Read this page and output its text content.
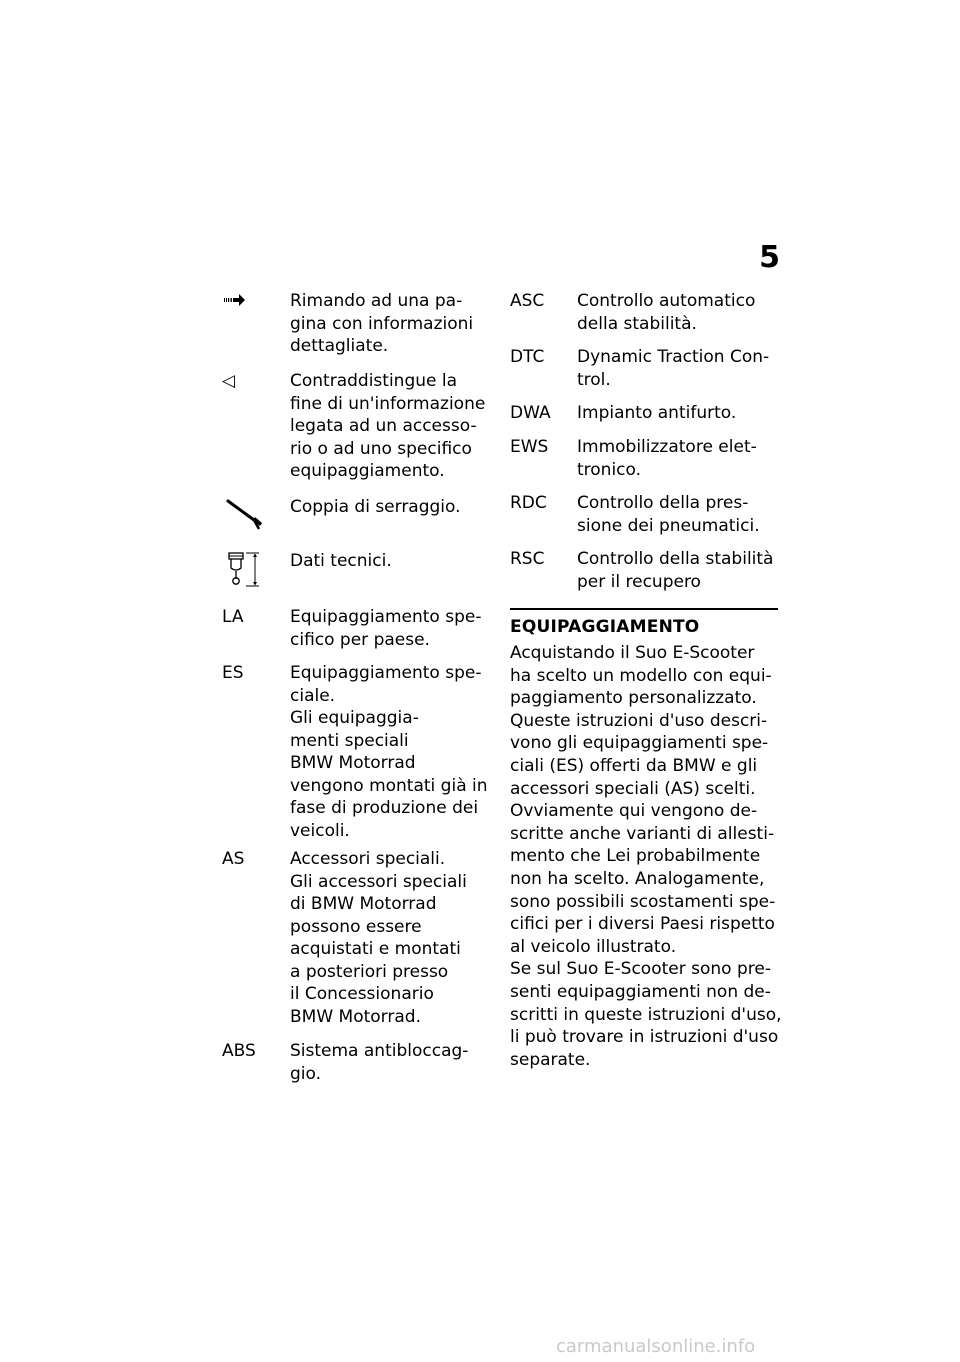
5
Rimando ad una pa-
gina con informazioni
dettagliate.
◁	Contraddistingue la
fine di un'informazione
legata ad un accesso-
rio o ad uno specifico
equipaggiamento.
Coppia di serraggio.
Dati tecnici.
LA	Equipaggiamento spe-
cifico per paese.
ES	Equipaggiamento spe-
ciale.
Gli equipaggia-
menti speciali
BMW Motorrad
vengono montati già in
fase di produzione dei
veicoli.
AS	Accessori speciali.
Gli accessori speciali
di BMW Motorrad
possono essere
acquistati e montati
a posteriori presso
il Concessionario
BMW Motorrad.
ABS Sistema antibloccag-
gio.
ASC Controllo automatico
della stabilità.
DTC Dynamic Traction Con-
trol.
DWA Impianto antifurto.
EWS Immobilizzatore elet-
tronico.
RDC Controllo della pres-
sione dei pneumatici.
RSC Controllo della stabilità
per il recupero
EQUIPAGGIAMENTO
Acquistando il Suo E-Scooter
ha scelto un modello con equi-
paggiamento personalizzato.
Queste istruzioni d'uso descri-
vono gli equipaggiamenti spe-
ciali (ES) offerti da BMW e gli
accessori speciali (AS) scelti.
Ovviamente qui vengono de-
scritte anche varianti di allesti-
mento che Lei probabilmente
non ha scelto. Analogamente,
sono possibili scostamenti spe-
cifici per i diversi Paesi rispetto
al veicolo illustrato.
Se sul Suo E-Scooter sono pre-
senti equipaggiamenti non de-
scritti in queste istruzioni d'uso,
li può trovare in istruzioni d'uso
separate.
carmanualsonline.info
